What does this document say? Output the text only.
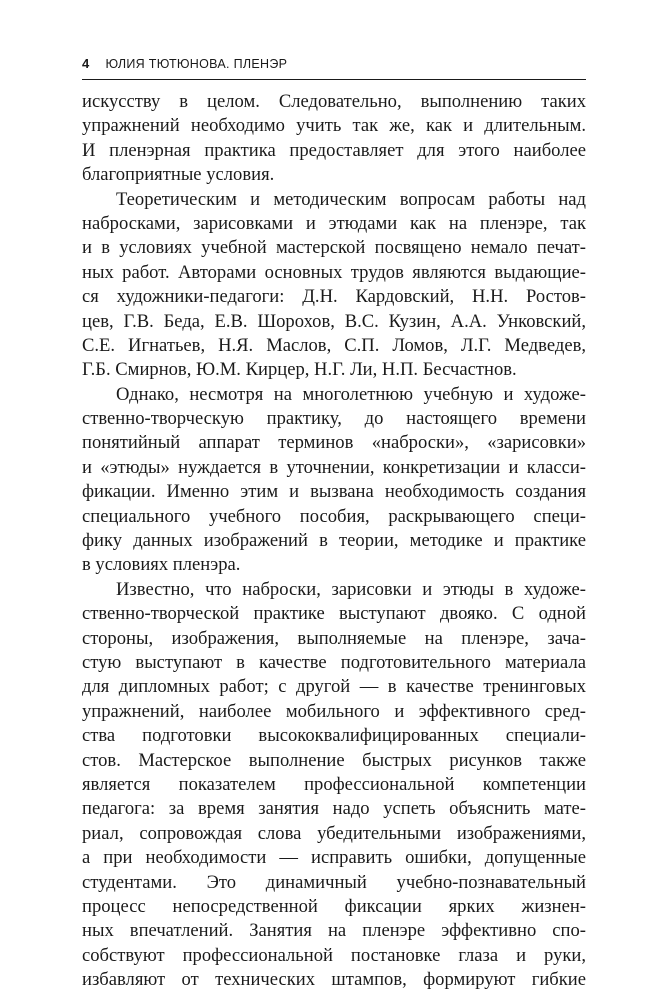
4 ЮЛИЯ ТЮТЮНОВА. ПЛЕНЭР
искусству в целом. Следовательно, выполнению таких
упражнений необходимо учить так же, как и длительным.
И пленэрная практика предоставляет для этого наиболее
благоприятные условия.
Теоретическим и методическим вопросам работы над
набросками, зарисовками и этюдами как на пленэре, так
и в условиях учебной мастерской посвящено немало печат-
ных работ. Авторами основных трудов являются выдающие-
ся художники-педагоги: Д.Н. Кардовский, Н.Н. Ростов-
цев, Г.В. Беда, Е.В. Шорохов, В.С. Кузин, А.А. Унковский,
С.Е. Игнатьев, Н.Я. Маслов, С.П. Ломов, Л.Г. Медведев,
Г.Б. Смирнов, Ю.М. Кирцер, Н.Г. Ли, Н.П. Бесчастнов.
Однако, несмотря на многолетнюю учебную и художе-
ственно-творческую практику, до настоящего времени
понятийный аппарат терминов «наброски», «зарисовки»
и «этюды» нуждается в уточнении, конкретизации и класси-
фикации. Именно этим и вызвана необходимость создания
специального учебного пособия, раскрывающего специ-
фику данных изображений в теории, методике и практике
в условиях пленэра.
Известно, что наброски, зарисовки и этюды в художе-
ственно-творческой практике выступают двояко. С одной
стороны, изображения, выполняемые на пленэре, зача-
стую выступают в качестве подготовительного материала
для дипломных работ; с другой — в качестве тренинговых
упражнений, наиболее мобильного и эффективного сред-
ства подготовки высококвалифицированных специали-
стов. Мастерское выполнение быстрых рисунков также
является показателем профессиональной компетенции
педагога: за время занятия надо успеть объяснить мате-
риал, сопровождая слова убедительными изображениями,
а при необходимости — исправить ошибки, допущенные
студентами. Это динамичный учебно-познавательный
процесс непосредственной фиксации ярких жизнен-
ных впечатлений. Занятия на пленэре эффективно спо-
собствуют профессиональной постановке глаза и руки,
избавляют от технических штампов, формируют гибкие
